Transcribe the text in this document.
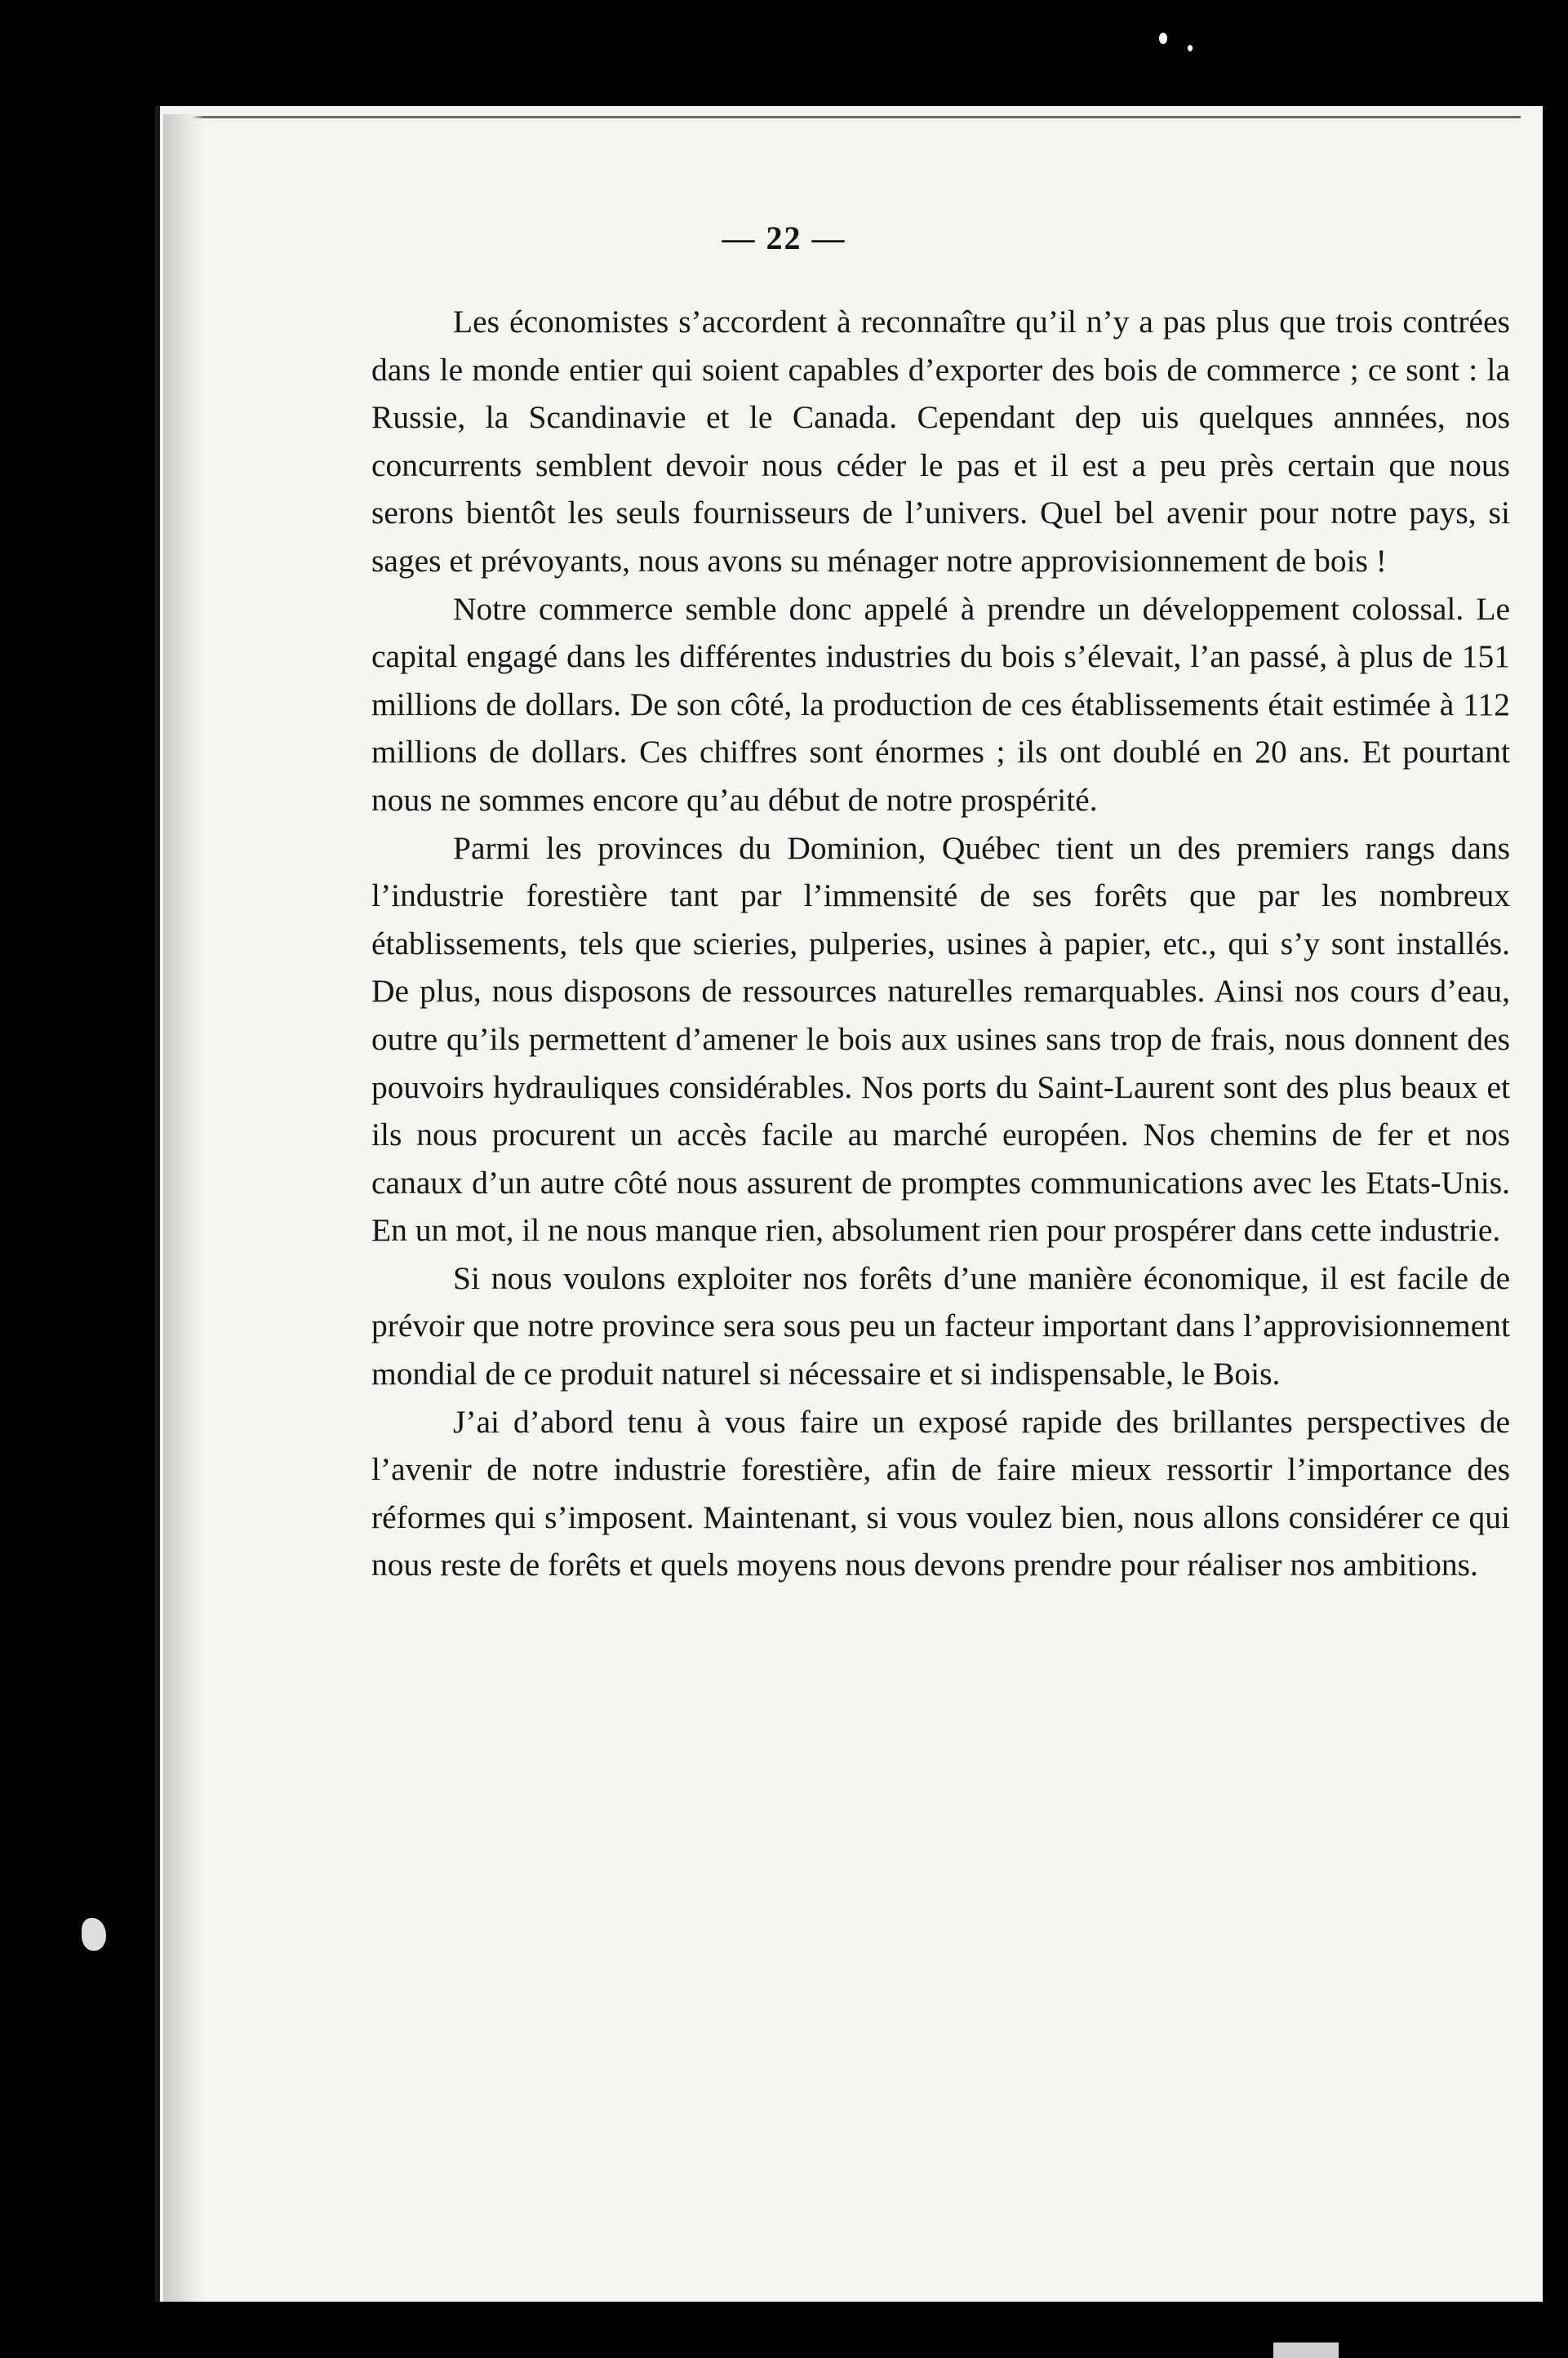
— 22 —

Les économistes s’accordent à reconnaître qu’il n’y a pas plus que trois contrées dans le monde entier qui soient capables d’exporter des bois de commerce ; ce sont : la Russie, la Scandinavie et le Canada. Cependant dep uis quelques annnées, nos concurrents semblent devoir nous céder le pas et il est a peu près certain que nous serons bientôt les seuls fournisseurs de l’univers. Quel bel avenir pour notre pays, si sages et prévoyants, nous avons su ménager notre approvisionnement de bois !

Notre commerce semble donc appelé à prendre un développement colossal. Le capital engagé dans les différentes industries du bois s’élevait, l’an passé, à plus de 151 millions de dollars. De son côté, la production de ces établissements était estimée à 112 millions de dollars. Ces chiffres sont énormes ; ils ont doublé en 20 ans. Et pourtant nous ne sommes encore qu’au début de notre prospérité.

Parmi les provinces du Dominion, Québec tient un des premiers rangs dans l’industrie forestière tant par l’immensité de ses forêts que par les nombreux établissements, tels que scieries, pulperies, usines à papier, etc., qui s’y sont installés. De plus, nous disposons de ressources naturelles remarquables. Ainsi nos cours d’eau, outre qu’ils permettent d’amener le bois aux usines sans trop de frais, nous donnent des pouvoirs hydrauliques considérables. Nos ports du Saint-Laurent sont des plus beaux et ils nous procurent un accès facile au marché européen. Nos chemins de fer et nos canaux d’un autre côté nous assurent de promptes communications avec les Etats-Unis. En un mot, il ne nous manque rien, absolument rien pour prospérer dans cette industrie.

Si nous voulons exploiter nos forêts d’une manière économique, il est facile de prévoir que notre province sera sous peu un facteur important dans l’approvisionnement mondial de ce produit naturel si nécessaire et si indispensable, le Bois.

J’ai d’abord tenu à vous faire un exposé rapide des brillantes perspectives de l’avenir de notre industrie forestière, afin de faire mieux ressortir l’importance des réformes qui s’imposent. Maintenant, si vous voulez bien, nous allons considérer ce qui nous reste de forêts et quels moyens nous devons prendre pour réaliser nos ambitions.
